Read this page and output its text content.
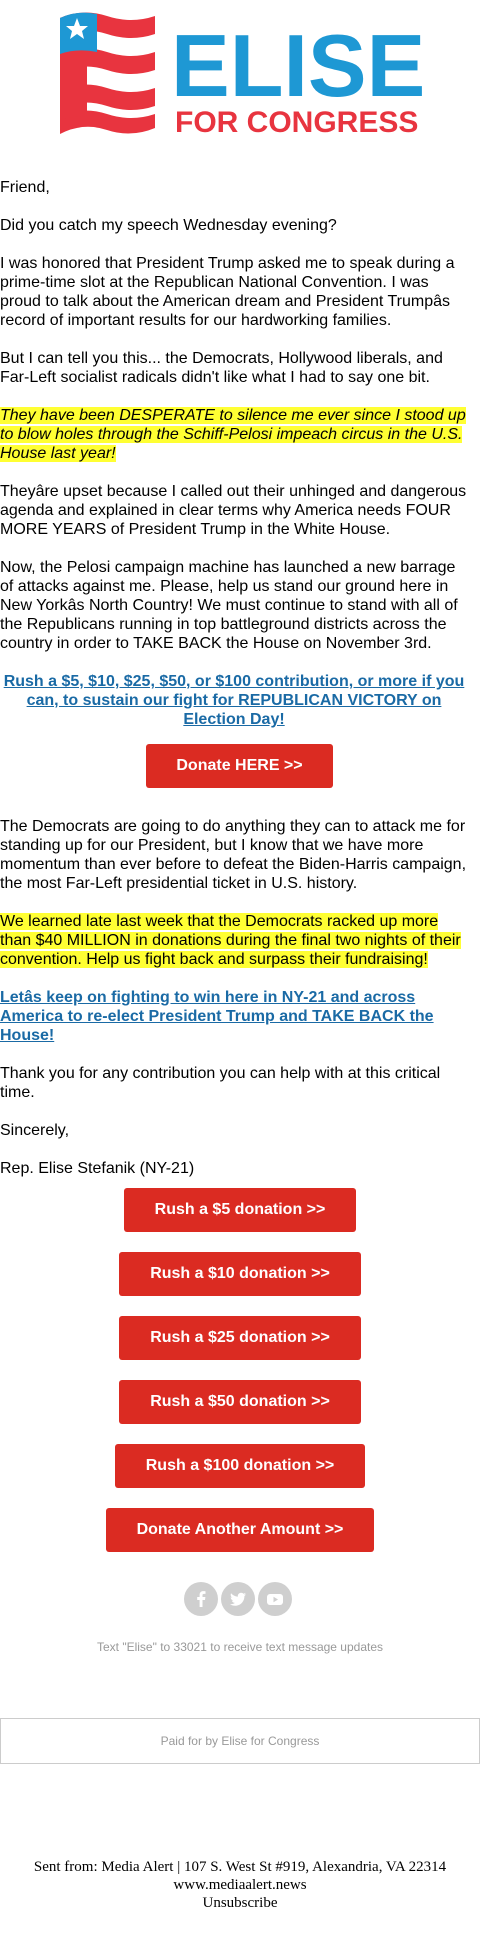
ELISE
FOR CONGRESS

Friend,

Did you catch my speech Wednesday evening?

I was honored that President Trump asked me to speak during a prime-time slot at the Republican National Convention. I was proud to talk about the American dream and President Trumpâs record of important results for our hardworking families.

But I can tell you this... the Democrats, Hollywood liberals, and Far-Left socialist radicals didn't like what I had to say one bit.

They have been DESPERATE to silence me ever since I stood up to blow holes through the Schiff-Pelosi impeach circus in the U.S. House last year!

Theyâre upset because I called out their unhinged and dangerous agenda and explained in clear terms why America needs FOUR MORE YEARS of President Trump in the White House.

Now, the Pelosi campaign machine has launched a new barrage of attacks against me. Please, help us stand our ground here in New Yorkâs North Country! We must continue to stand with all of the Republicans running in top battleground districts across the country in order to TAKE BACK the House on November 3rd.

Rush a $5, $10, $25, $50, or $100 contribution, or more if you can, to sustain our fight for REPUBLICAN VICTORY on Election Day!

Donate HERE >>

The Democrats are going to do anything they can to attack me for standing up for our President, but I know that we have more momentum than ever before to defeat the Biden-Harris campaign, the most Far-Left presidential ticket in U.S. history.

We learned late last week that the Democrats racked up more than $40 MILLION in donations during the final two nights of their convention. Help us fight back and surpass their fundraising!

Letâs keep on fighting to win here in NY-21 and across America to re-elect President Trump and TAKE BACK the House!

Thank you for any contribution you can help with at this critical time.

Sincerely,

Rep. Elise Stefanik (NY-21)

Rush a $5 donation >>
Rush a $10 donation >>
Rush a $25 donation >>
Rush a $50 donation >>
Rush a $100 donation >>
Donate Another Amount >>
Text "Elise" to 33021 to receive text message updates
Paid for by Elise for Congress
Sent from: Media Alert | 107 S. West St #919, Alexandria, VA 22314
www.mediaalert.news
Unsubscribe
